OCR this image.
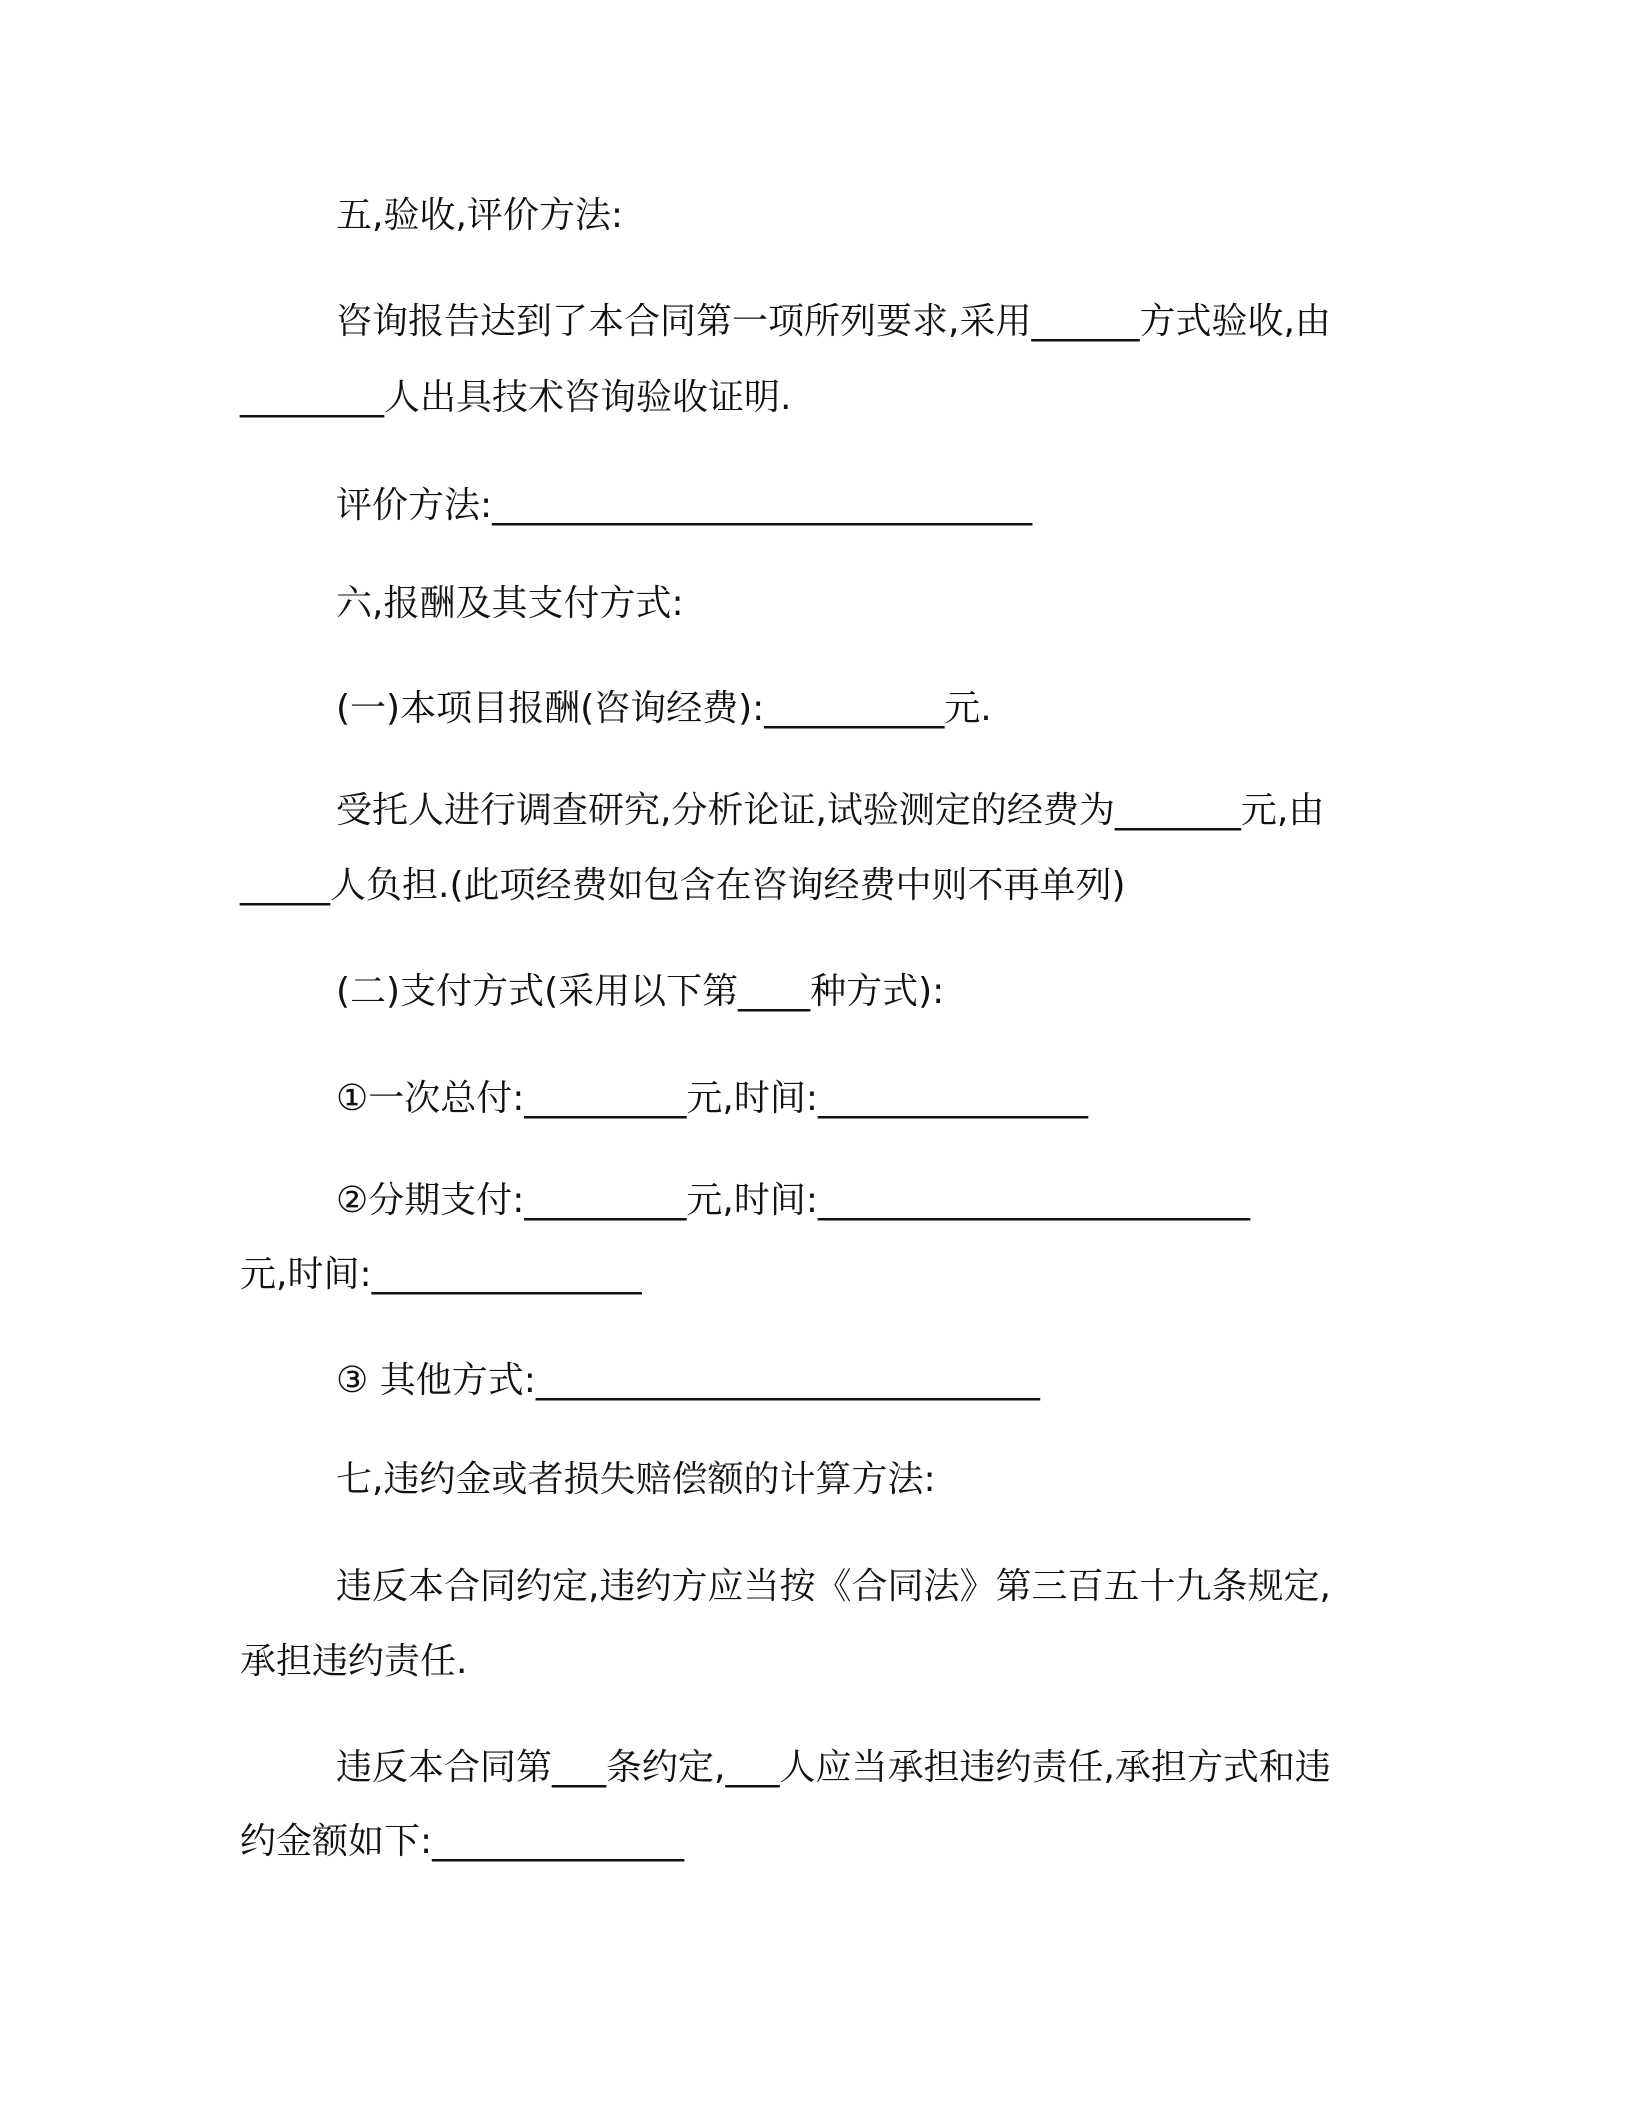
五,验收,评价方法:
咨询报告达到了本合同第一项所列要求,采用______方式验收,由
________人出具技术咨询验收证明.
评价方法:______________________________
六,报酬及其支付方式:
(一)本项目报酬(咨询经费):__________元.
受托人进行调查研究,分析论证,试验测定的经费为_______元,由
_____人负担.(此项经费如包含在咨询经费中则不再单列)
(二)支付方式(采用以下第____种方式):
①一次总付:_________元,时间:_______________
②分期支付:_________元,时间:________________________
元,时间:_______________
③ 其他方式:____________________________
七,违约金或者损失赔偿额的计算方法:
违反本合同约定,违约方应当按《合同法》第三百五十九条规定,
承担违约责任.
违反本合同第___条约定,___人应当承担违约责任,承担方式和违
约金额如下:______________
